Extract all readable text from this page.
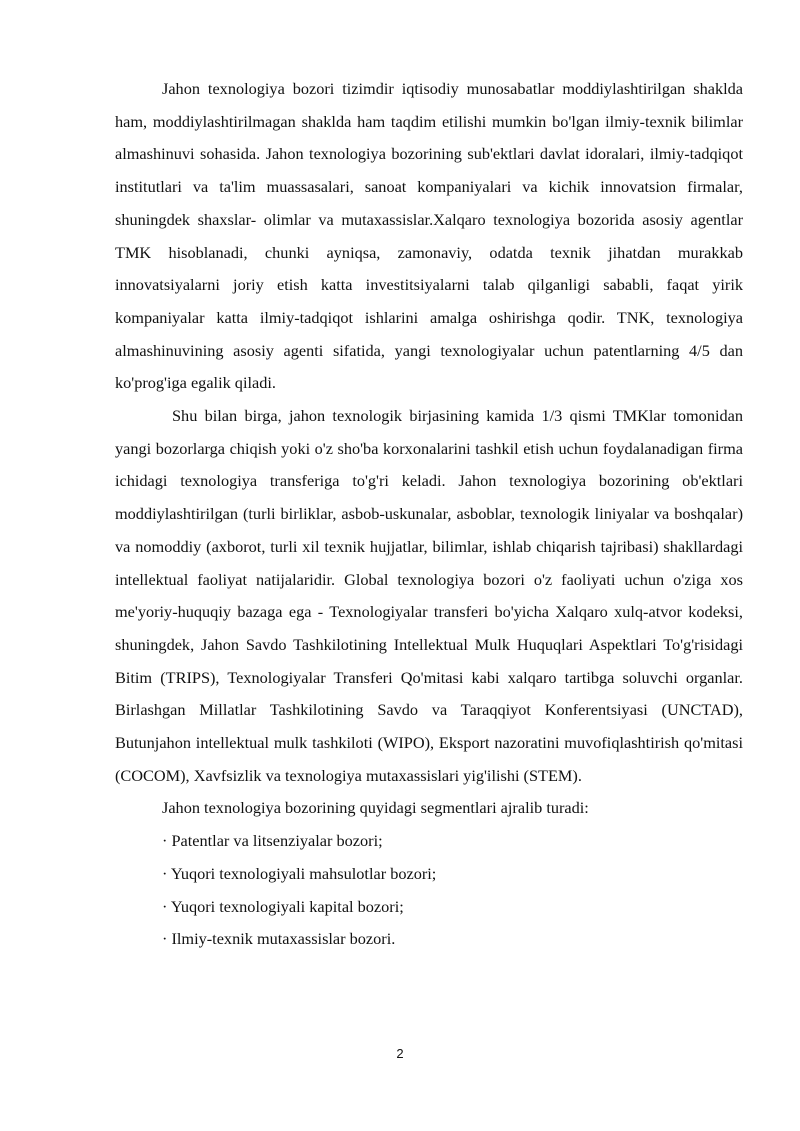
Jahon texnologiya bozori tizimdir iqtisodiy munosabatlar moddiylashtirilgan shaklda ham, moddiylashtirilmagan shaklda ham taqdim etilishi mumkin bo'lgan ilmiy-texnik bilimlar almashinuvi sohasida. Jahon texnologiya bozorining sub'ektlari davlat idoralari, ilmiy-tadqiqot institutlari va ta'lim muassasalari, sanoat kompaniyalari va kichik innovatsion firmalar, shuningdek shaxslar- olimlar va mutaxassislar.Xalqaro texnologiya bozorida asosiy agentlar TMK hisoblanadi, chunki ayniqsa, zamonaviy, odatda texnik jihatdan murakkab innovatsiyalarni joriy etish katta investitsiyalarni talab qilganligi sababli, faqat yirik kompaniyalar katta ilmiy-tadqiqot ishlarini amalga oshirishga qodir. TNK, texnologiya almashinuvining asosiy agenti sifatida, yangi texnologiyalar uchun patentlarning 4/5 dan ko'prog'iga egalik qiladi.

Shu bilan birga, jahon texnologik birjasining kamida 1/3 qismi TMKlar tomonidan yangi bozorlarga chiqish yoki o'z sho'ba korxonalarini tashkil etish uchun foydalanadigan firma ichidagi texnologiya transferiga to'g'ri keladi. Jahon texnologiya bozorining ob'ektlari moddiylashtirilgan (turli birliklar, asbob-uskunalar, asboblar, texnologik liniyalar va boshqalar) va nomoddiy (axborot, turli xil texnik hujjatlar, bilimlar, ishlab chiqarish tajribasi) shakllardagi intellektual faoliyat natijalaridir. Global texnologiya bozori o'z faoliyati uchun o'ziga xos me'yoriy-huquqiy bazaga ega - Texnologiyalar transferi bo'yicha Xalqaro xulq-atvor kodeksi, shuningdek, Jahon Savdo Tashkilotining Intellektual Mulk Huquqlari Aspektlari To'g'risidagi Bitim (TRIPS), Texnologiyalar Transferi Qo'mitasi kabi xalqaro tartibga soluvchi organlar. Birlashgan Millatlar Tashkilotining Savdo va Taraqqiyot Konferentsiyasi (UNCTAD), Butunjahon intellektual mulk tashkiloti (WIPO), Eksport nazoratini muvofiqlashtirish qo'mitasi (COCOM), Xavfsizlik va texnologiya mutaxassislari yig'ilishi (STEM).

Jahon texnologiya bozorining quyidagi segmentlari ajralib turadi:

· Patentlar va litsenziyalar bozori;

· Yuqori texnologiyali mahsulotlar bozori;

· Yuqori texnologiyali kapital bozori;

· Ilmiy-texnik mutaxassislar bozori.

2
